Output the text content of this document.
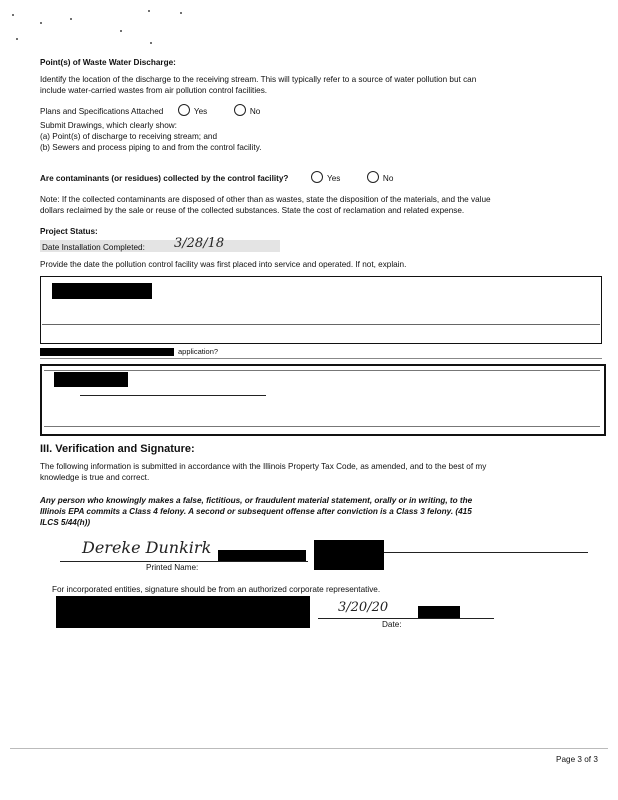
Point(s) of Waste Water Discharge:
Identify the location of the discharge to the receiving stream. This will typically refer to a source of water pollution but can
include water-carried wastes from air pollution control facilities.
Plans and Specifications Attached	Yes	No
Submit Drawings, which clearly show:
(a) Point(s) of discharge to receiving stream; and
(b) Sewers and process piping to and from the control facility.
Are contaminants (or residues) collected by the control facility?	Yes	No
Note: If the collected contaminants are disposed of other than as wastes, state the disposition of the materials, and the value
dollars reclaimed by the sale or reuse of the collected substances. State the cost of reclamation and related expense.
Project Status:
Date Installation Completed: 3/28/18
Provide the date the pollution control facility was first placed into service and operated. If not, explain.
application?
III. Verification and Signature:
The following information is submitted in accordance with the Illinois Property Tax Code, as amended, and to the best of my
knowledge is true and correct.
Any person who knowingly makes a false, fictitious, or fraudulent material statement, orally or in writing, to the
Illinois EPA commits a Class 4 felony. A second or subsequent offense after conviction is a Class 3 felony. (415
ILCS 5/44(h))
Dereke Dunkirk
Printed Name:
For incorporated entities, signature should be from an authorized corporate representative.
3/20/20
Date:
Page 3 of 3
